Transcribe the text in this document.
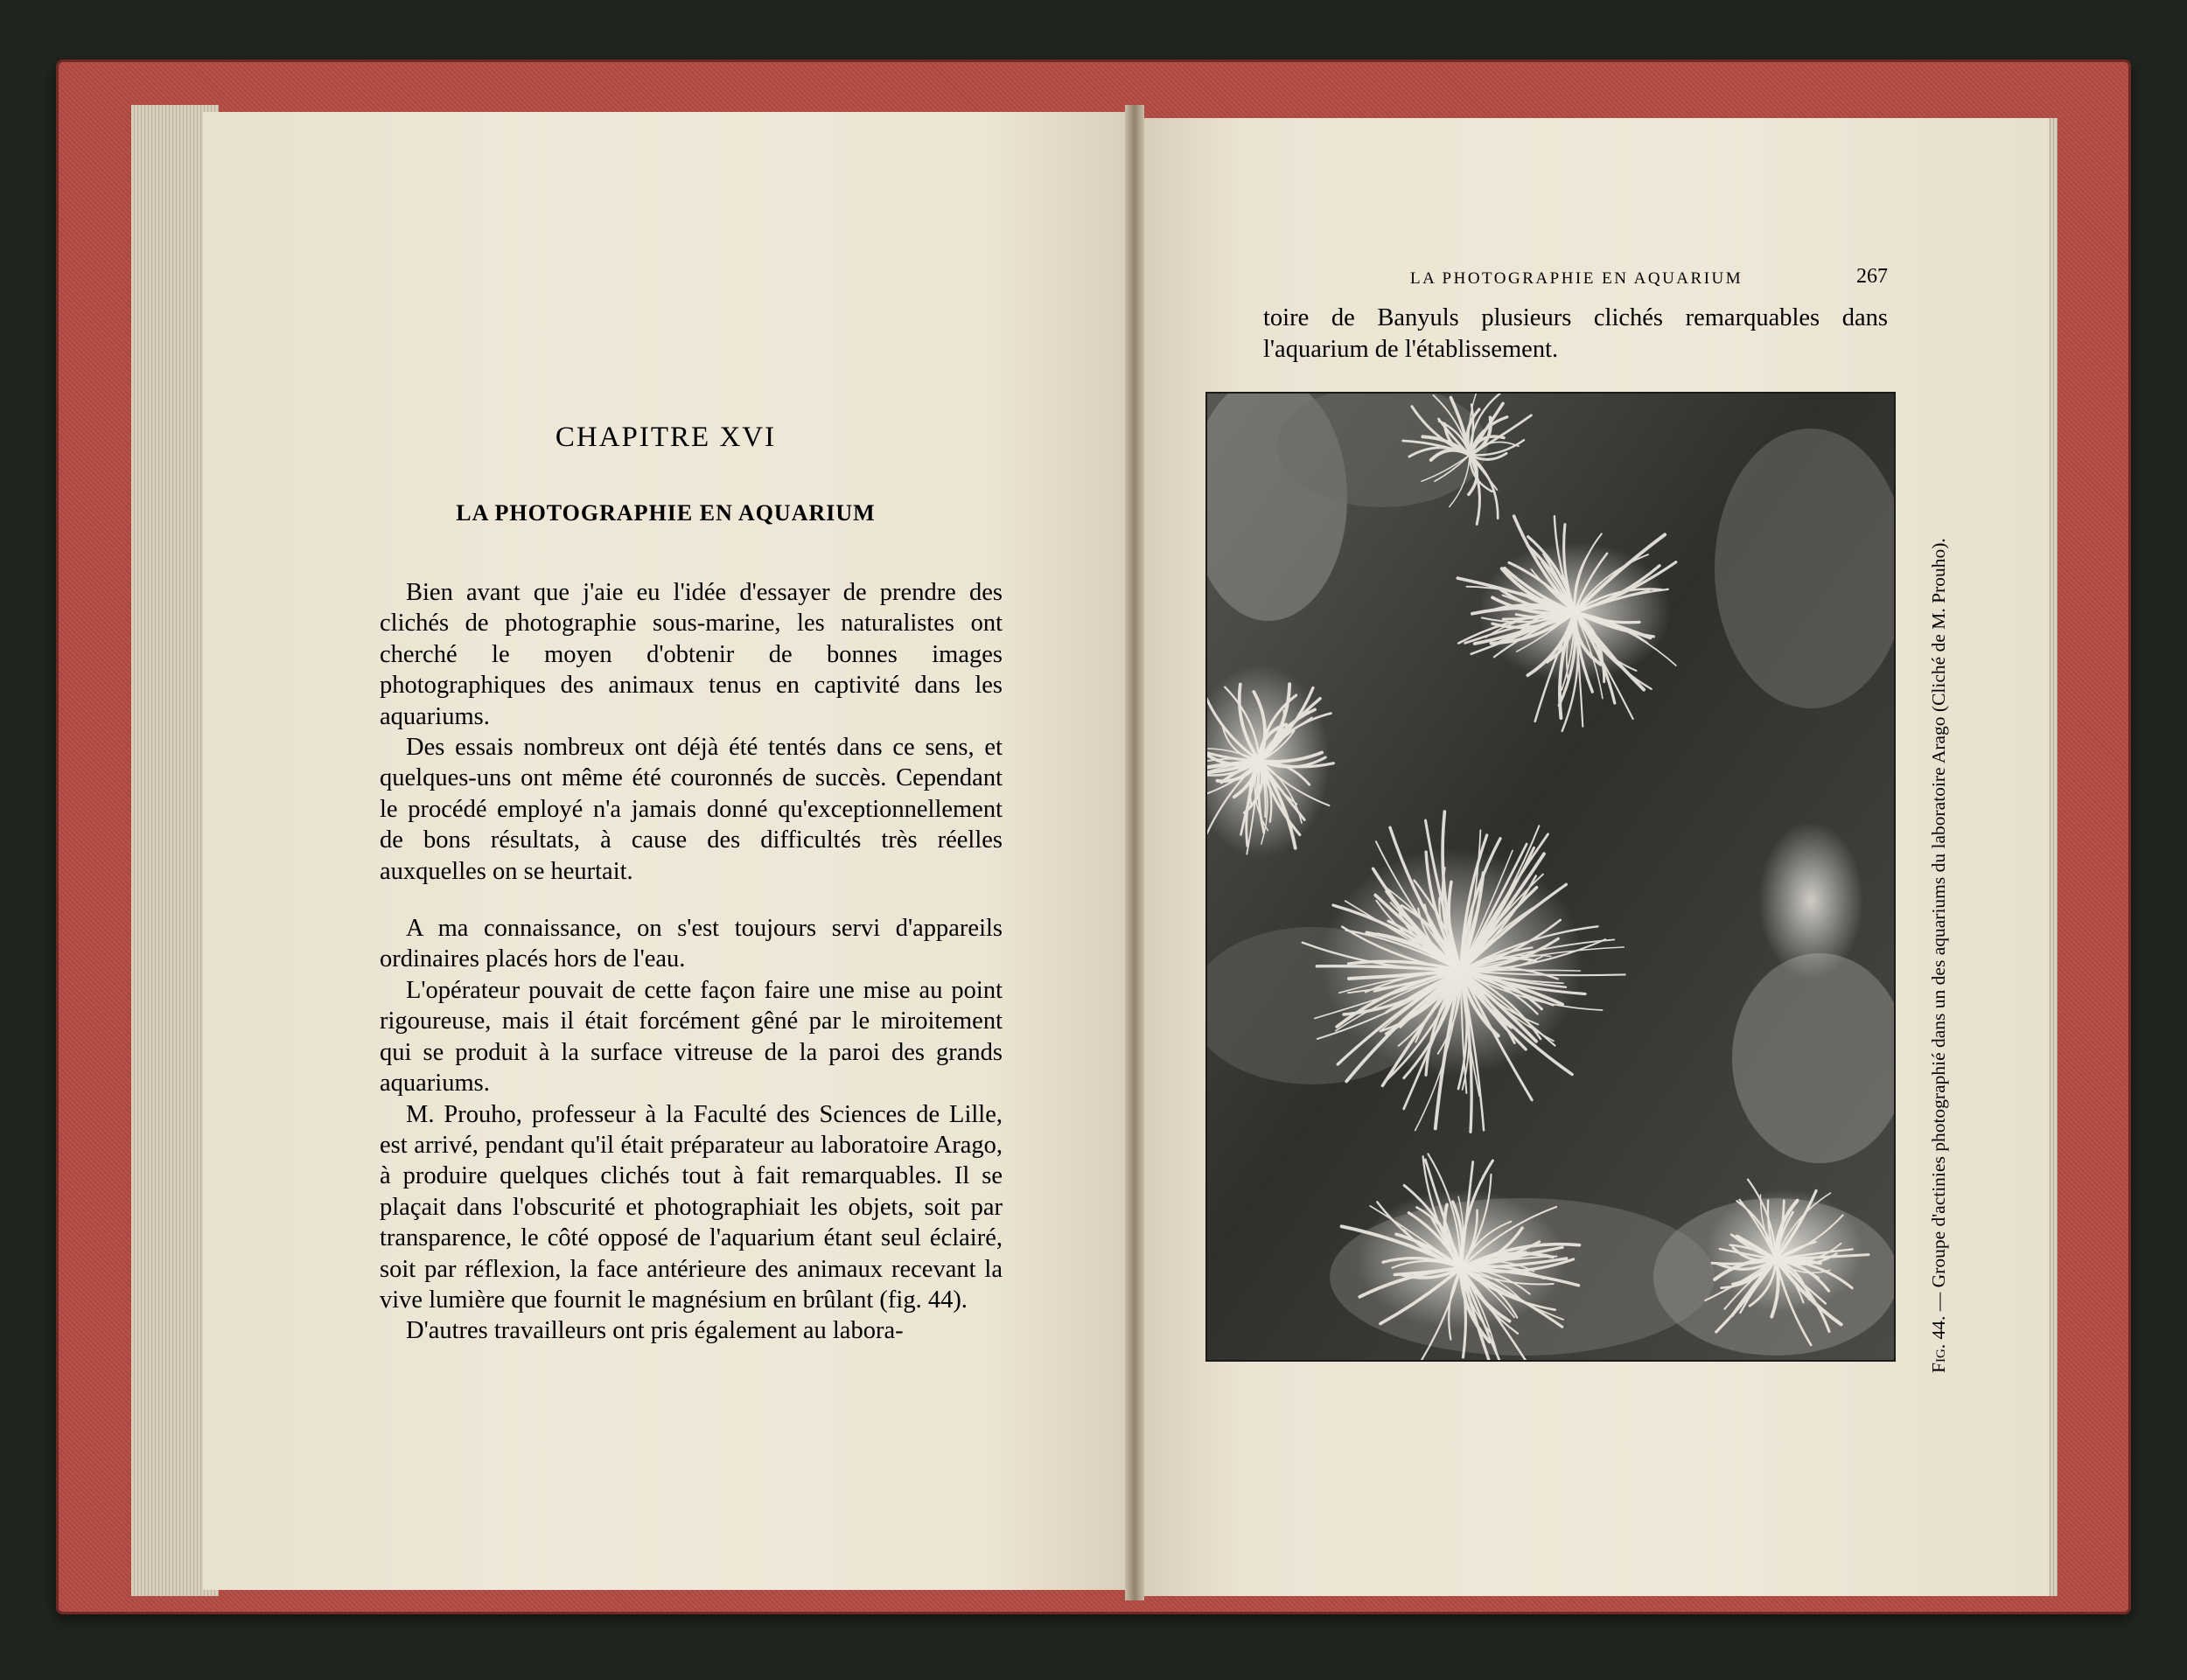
CHAPITRE XVI
LA PHOTOGRAPHIE EN AQUARIUM

Bien avant que j'aie eu l'idée d'essayer de prendre des clichés de photographie sous-marine, les naturalistes ont cherché le moyen d'obtenir de bonnes images photographiques des animaux tenus en captivité dans les aquariums.

Des essais nombreux ont déjà été tentés dans ce sens, et quelques-uns ont même été couronnés de succès. Cependant le procédé employé n'a jamais donné qu'exceptionnellement de bons résultats, à cause des difficultés très réelles auxquelles on se heurtait.

A ma connaissance, on s'est toujours servi d'appareils ordinaires placés hors de l'eau.

L'opérateur pouvait de cette façon faire une mise au point rigoureuse, mais il était forcément gêné par le miroitement qui se produit à la surface vitreuse de la paroi des grands aquariums.

M. Prouho, professeur à la Faculté des Sciences de Lille, est arrivé, pendant qu'il était préparateur au laboratoire Arago, à produire quelques clichés tout à fait remarquables. Il se plaçait dans l'obscurité et photographiait les objets, soit par transparence, le côté opposé de l'aquarium étant seul éclairé, soit par réflexion, la face antérieure des animaux recevant la vive lumière que fournit le magnésium en brûlant (fig. 44).

D'autres travailleurs ont pris également au labora-

LA PHOTOGRAPHIE EN AQUARIUM	267

toire de Banyuls plusieurs clichés remarquables dans l'aquarium de l'établissement.

Fig. 44. — Groupe d'actinies photographié dans un des aquariums du laboratoire Arago (Cliché de M. Prouho).
